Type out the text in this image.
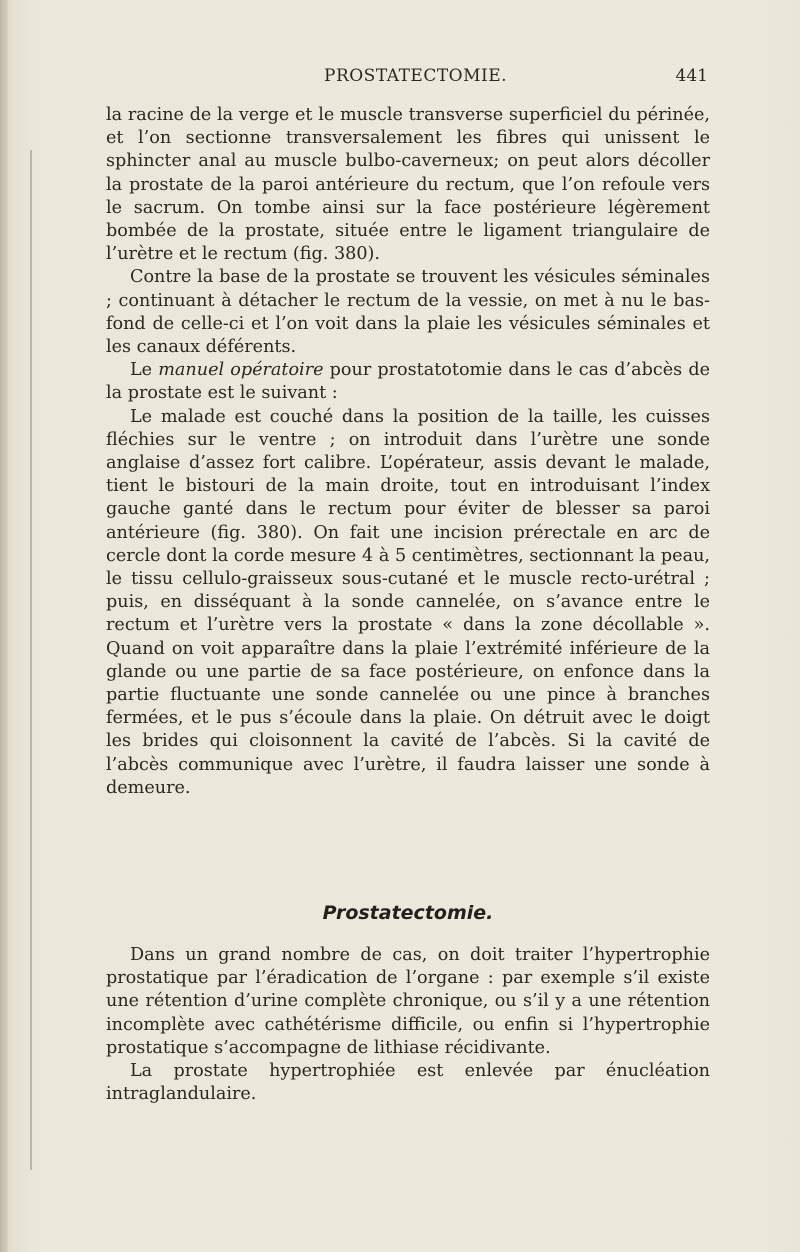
PROSTATECTOMIE.	441

la racine de la verge et le muscle transverse superficiel du périnée, et l’on sectionne transversalement les fibres qui unissent le sphincter anal au muscle bulbo-caverneux; on peut alors décoller la prostate de la paroi antérieure du rectum, que l’on refoule vers le sacrum. On tombe ainsi sur la face postérieure légèrement bombée de la prostate, située entre le ligament triangulaire de l’urètre et le rectum (fig. 380).

Contre la base de la prostate se trouvent les vésicules séminales ; continuant à détacher le rectum de la vessie, on met à nu le bas-fond de celle-ci et l’on voit dans la plaie les vésicules séminales et les canaux déférents.

Le manuel opératoire pour prostatotomie dans le cas d’abcès de la prostate est le suivant :

Le malade est couché dans la position de la taille, les cuisses fléchies sur le ventre ; on introduit dans l’urètre une sonde anglaise d’assez fort calibre. L’opérateur, assis devant le malade, tient le bistouri de la main droite, tout en introduisant l’index gauche ganté dans le rectum pour éviter de blesser sa paroi antérieure (fig. 380). On fait une incision prérectale en arc de cercle dont la corde mesure 4 à 5 centimètres, sectionnant la peau, le tissu cellulo-graisseux sous-cutané et le muscle recto-urétral ; puis, en disséquant à la sonde cannelée, on s’avance entre le rectum et l’urètre vers la prostate « dans la zone décollable ». Quand on voit apparaître dans la plaie l’extrémité inférieure de la glande ou une partie de sa face postérieure, on enfonce dans la partie fluctuante une sonde cannelée ou une pince à branches fermées, et le pus s’écoule dans la plaie. On détruit avec le doigt les brides qui cloisonnent la cavité de l’abcès. Si la cavité de l’abcès communique avec l’urètre, il faudra laisser une sonde à demeure.

Prostatectomie.

Dans un grand nombre de cas, on doit traiter l’hypertrophie prostatique par l’éradication de l’organe : par exemple s’il existe une rétention d’urine complète chronique, ou s’il y a une rétention incomplète avec cathétérisme difficile, ou enfin si l’hypertrophie prostatique s’accompagne de lithiase récidivante.

La prostate hypertrophiée est enlevée par énucléation intraglandulaire.
